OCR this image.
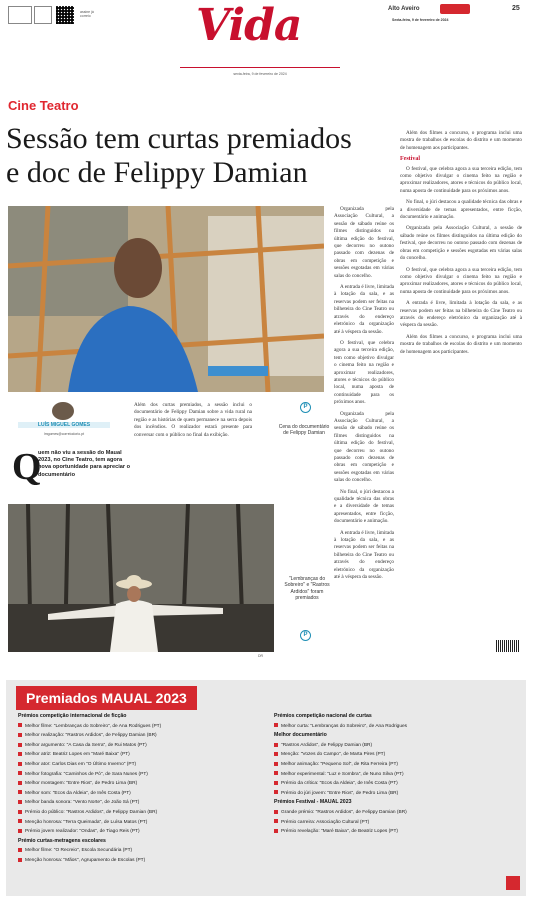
assine já
correio	Vida
sexta-feira, 9 de fevereiro de 2024
Alto Aveiro	25
Sexta-feira, 9 de fevereiro de 2024
Cine Teatro

Sessão tem curtas premiados

e doc de Felippy Damian

Organizada pela Associação Cultural, a sessão de sábado reúne os filmes distinguidos na última edição do festival, que decorreu no outono passado com dezenas de obras em competição e sessões esgotadas em várias salas do concelho.

A entrada é livre, limitada à lotação da sala, e as reservas podem ser feitas na bilheteira do Cine Teatro ou através do endereço eletrónico da organização até à véspera da sessão.

O festival, que celebra agora a sua terceira edição, tem como objetivo divulgar o cinema feito na região e aproximar realizadores, atores e técnicos do público local, numa aposta de continuidade para os próximos anos.

Organizada pela Associação Cultural, a sessão de sábado reúne os filmes distinguidos na última edição do festival, que decorreu no outono passado com dezenas de obras em competição e sessões esgotadas em várias salas do concelho.

No final, o júri destacou a qualidade técnica das obras e a diversidade de temas apresentados, entre ficção, documentário e animação.

A entrada é livre, limitada à lotação da sala, e as reservas podem ser feitas na bilheteira do Cine Teatro ou através do endereço eletrónico da organização até à véspera da sessão.

Além dos filmes a concurso, o programa inclui uma mostra de trabalhos de escolas do distrito e um momento de homenagem aos participantes.

Festival

O festival, que celebra agora a sua terceira edição, tem como objetivo divulgar o cinema feito na região e aproximar realizadores, atores e técnicos do público local, numa aposta de continuidade para os próximos anos.

No final, o júri destacou a qualidade técnica das obras e a diversidade de temas apresentados, entre ficção, documentário e animação.

Organizada pela Associação Cultural, a sessão de sábado reúne os filmes distinguidos na última edição do festival, que decorreu no outono passado com dezenas de obras em competição e sessões esgotadas em várias salas do concelho.

O festival, que celebra agora a sua terceira edição, tem como objetivo divulgar o cinema feito na região e aproximar realizadores, atores e técnicos do público local, numa aposta de continuidade para os próximos anos.

A entrada é livre, limitada à lotação da sala, e as reservas podem ser feitas na bilheteira do Cine Teatro ou através do endereço eletrónico da organização até à véspera da sessão.

Além dos filmes a concurso, o programa inclui uma mostra de trabalhos de escolas do distrito e um momento de homenagem aos participantes.

LUÍS MIGUEL GOMES
lmgomes@correiodorio.pt
Q
uem não viu a sessão do Maual 2023, no Cine Teatro, tem agora nova oportunidade para apreciar o documentário
Além dos curtas premiados, a sessão inclui o documentário de Felippy Damian sobre a vida rural na região e as histórias de quem permanece na serra depois dos incêndios. O realizador estará presente para conversar com o público no final da exibição.
P
Cena do documentário de Felippy Damian
DR
"Lembranças do Sobreiro" e "Rastros Ardidos" foram premiados
P
Premiados MAUAL 2023
Prémios competição internacional de ficção
Melhor filme: "Lembranças do Sobreiro", de Ana Rodrigues (PT)
Melhor realização: "Rastros Ardidos", de Felippy Damian (BR)
Melhor argumento: "A Casa da Serra", de Rui Matos (PT)
Melhor atriz: Beatriz Lopes em "Maré Baixa" (PT)
Melhor ator: Carlos Dias em "O Último Inverno" (PT)
Melhor fotografia: "Caminhos de Pó", de Sara Nunes (PT)
Melhor montagem: "Entre Rios", de Pedro Lima (BR)
Melhor som: "Ecos da Aldeia", de Inês Costa (PT)
Melhor banda sonora: "Vento Norte", de João Sá (PT)
Prémio do público: "Rastros Ardidos", de Felippy Damian (BR)
Menção honrosa: "Terra Queimada", de Luísa Matos (PT)
Prémio jovem realizador: "Ondas", de Tiago Reis (PT)
Prémio curtas-metragens escolares
Melhor filme: "O Recreio", Escola Secundária (PT)
Menção honrosa: "Mãos", Agrupamento de Escolas (PT)
Prémios competição nacional de curtas
Melhor curta: "Lembranças do Sobreiro", de Ana Rodrigues
Melhor documentário
"Rastros Ardidos", de Felippy Damian (BR)
Menção: "Vozes do Campo", de Marta Pires (PT)
Melhor animação: "Pequeno Sol", de Rita Ferreira (PT)
Melhor experimental: "Luz e Sombra", de Nuno Silva (PT)
Prémio da crítica: "Ecos da Aldeia", de Inês Costa (PT)
Prémio do júri jovem: "Entre Rios", de Pedro Lima (BR)
Prémios Festival - MAUAL 2023
Grande prémio: "Rastros Ardidos", de Felippy Damian (BR)
Prémio carreira: Associação Cultural (PT)
Prémio revelação: "Maré Baixa", de Beatriz Lopes (PT)
